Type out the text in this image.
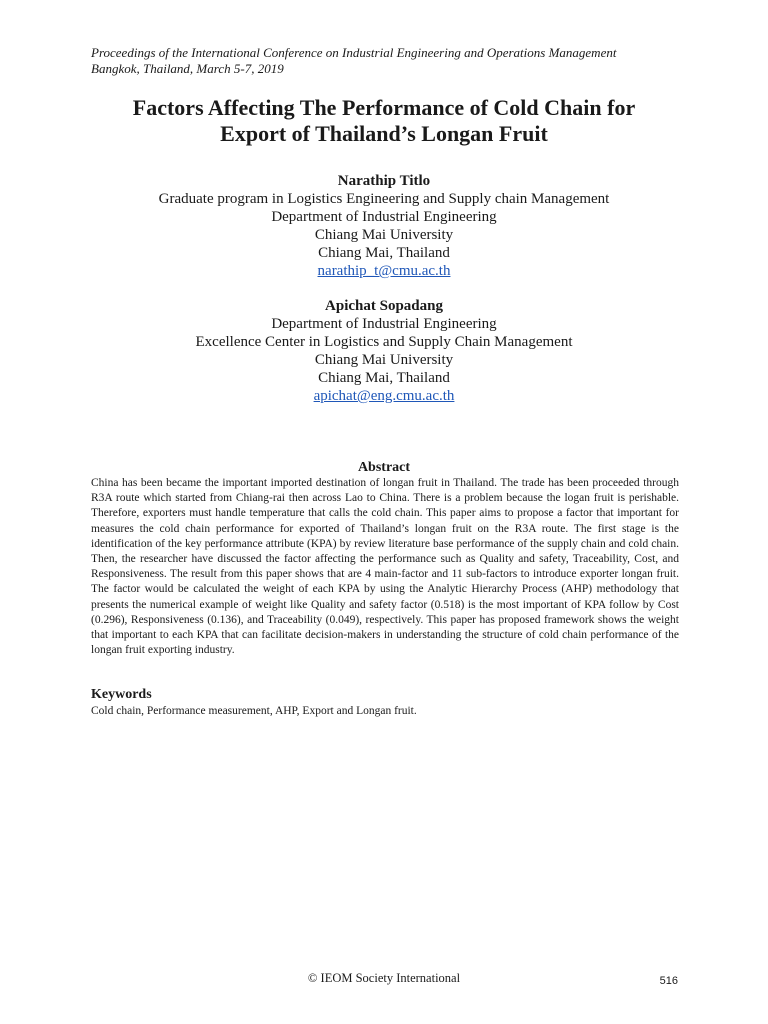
Proceedings of the International Conference on Industrial Engineering and Operations Management
Bangkok, Thailand, March 5-7, 2019
Factors Affecting The Performance of Cold Chain for
Export of Thailand’s Longan Fruit
Narathip Titlo
Graduate program in Logistics Engineering and Supply chain Management
Department of Industrial Engineering
Chiang Mai University
Chiang Mai, Thailand
narathip_t@cmu.ac.th
Apichat Sopadang
Department of Industrial Engineering
Excellence Center in Logistics and Supply Chain Management
Chiang Mai University
Chiang Mai, Thailand
apichat@eng.cmu.ac.th
Abstract

China has been became the important imported destination of longan fruit in Thailand. The trade has been proceeded through R3A route which started from Chiang-rai then across Lao to China. There is a problem because the logan fruit is perishable. Therefore, exporters must handle temperature that calls the cold chain. This paper aims to propose a factor that important for measures the cold chain performance for exported of Thailand’s longan fruit on the R3A route. The first stage is the identification of the key performance attribute (KPA) by review literature base performance of the supply chain and cold chain. Then, the researcher have discussed the factor affecting the performance such as Quality and safety, Traceability, Cost, and Responsiveness. The result from this paper shows that are 4 main-factor and 11 sub-factors to introduce exporter longan fruit. The factor would be calculated the weight of each KPA by using the Analytic Hierarchy Process (AHP) methodology that presents the numerical example of weight like Quality and safety factor (0.518) is the most important of KPA follow by Cost (0.296), Responsiveness (0.136), and Traceability (0.049), respectively. This paper has proposed framework shows the weight that important to each KPA that can facilitate decision-makers in understanding the structure of cold chain performance of the longan fruit exporting industry.

Keywords
Cold chain, Performance measurement, AHP, Export and Longan fruit.
© IEOM Society International	516
